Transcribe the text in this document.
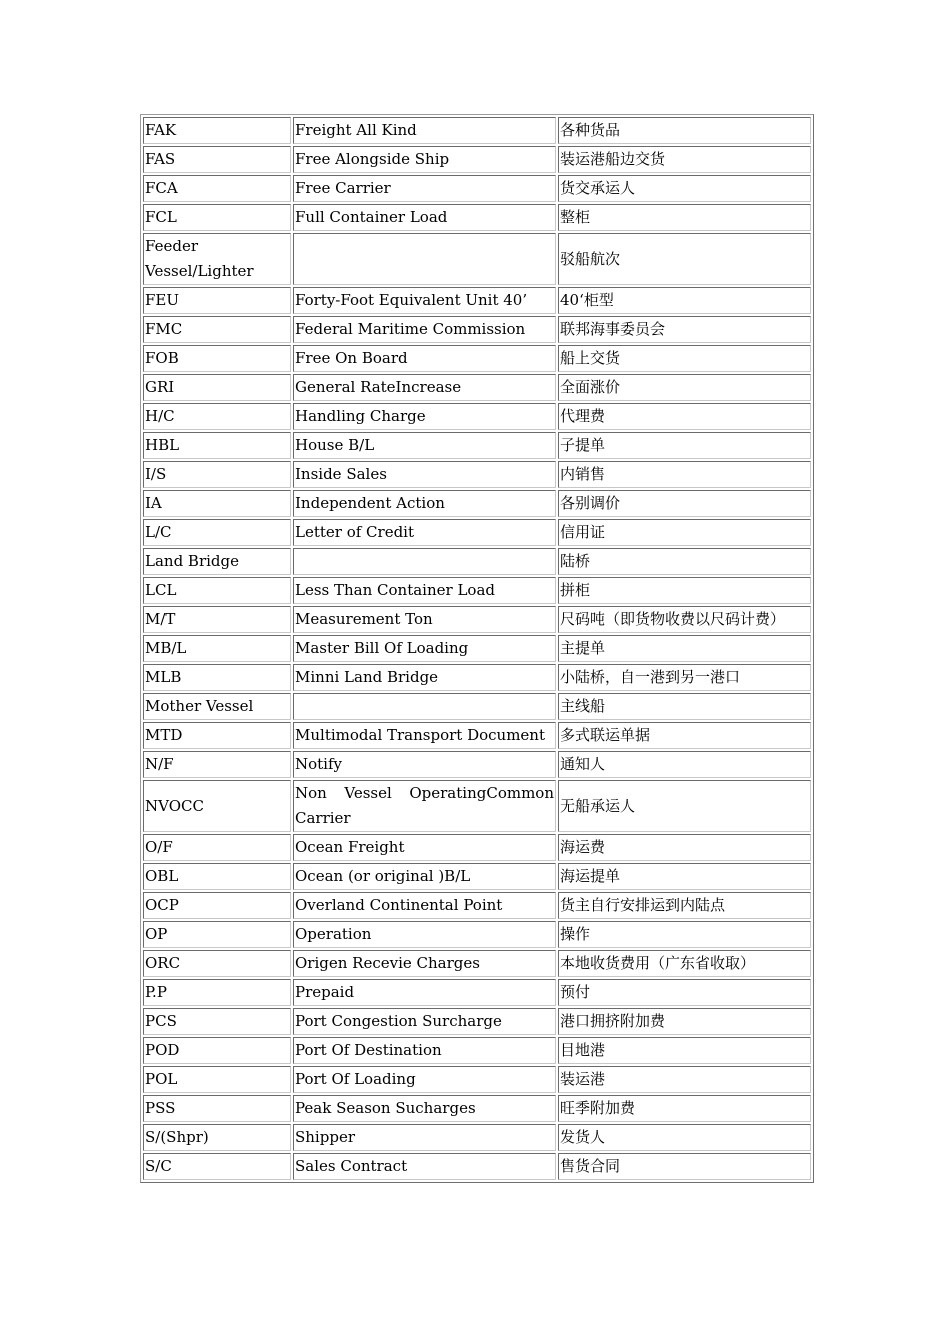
FAK	Freight All Kind	各种货品
FAS	Free Alongside Ship	装运港船边交货
FCA	Free Carrier	货交承运人
FCL	Full Container Load	整柜
Feeder Vessel/Lighter		驳船航次
FEU	Forty-Foot Equivalent Unit 40’	40‘柜型
FMC	Federal Maritime Commission	联邦海事委员会
FOB	Free On Board	船上交货
GRI	General RateIncrease	全面涨价
H/C	Handling Charge	代理费
HBL	House B/L	子提单
I/S	Inside Sales	内销售
IA	Independent Action	各别调价
L/C	Letter of Credit	信用证
Land Bridge		陆桥
LCL	Less Than Container Load	拼柜
M/T	Measurement Ton	尺码吨（即货物收费以尺码计费）
MB/L	Master Bill Of Loading	主提单
MLB	Minni Land Bridge	小陆桥，自一港到另一港口
Mother Vessel		主线船
MTD	Multimodal Transport Document	多式联运单据
N/F	Notify	通知人
NVOCC	Non Vessel OperatingCommon Carrier	无船承运人
O/F	Ocean Freight	海运费
OBL	Ocean (or original )B/L	海运提单
OCP	Overland Continental Point	货主自行安排运到内陆点
OP	Operation	操作
ORC	Origen Recevie Charges	本地收货费用（广东省收取）
P.P	Prepaid	预付
PCS	Port Congestion Surcharge	港口拥挤附加费
POD	Port Of Destination	目地港
POL	Port Of Loading	装运港
PSS	Peak Season Sucharges	旺季附加费
S/(Shpr)	Shipper	发货人
S/C	Sales Contract	售货合同
